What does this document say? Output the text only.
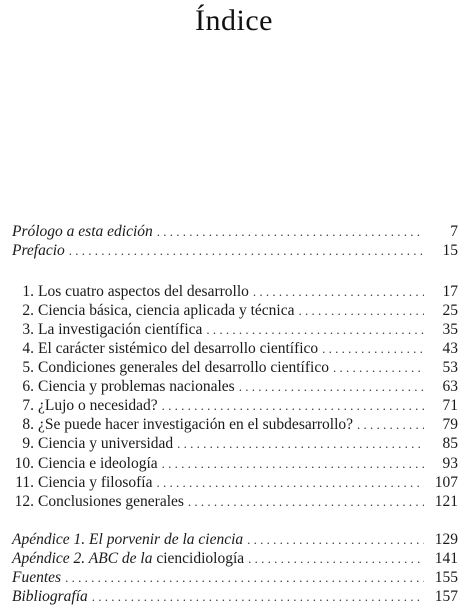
Índice
Prólogo a esta edición . . .	7
Prefacio . . .	15
1. Los cuatro aspectos del desarrollo . . .	17
2. Ciencia básica, ciencia aplicada y técnica . . .	25
3. La investigación científica . . .	35
4. El carácter sistémico del desarrollo científico . . .	43
5. Condiciones generales del desarrollo científico . . .	53
6. Ciencia y problemas nacionales . . .	63
7. ¿Lujo o necesidad? . . .	71
8. ¿Se puede hacer investigación en el subdesarrollo? . . .	79
9. Ciencia y universidad . . .	85
10. Ciencia e ideología . . .	93
11. Ciencia y filosofía . . .	107
12. Conclusiones generales . . .	121
Apéndice 1. El porvenir de la ciencia . . .	129
Apéndice 2. ABC de la ciencidiología . . .	141
Fuentes . . .	155
Bibliografía . . .	157
